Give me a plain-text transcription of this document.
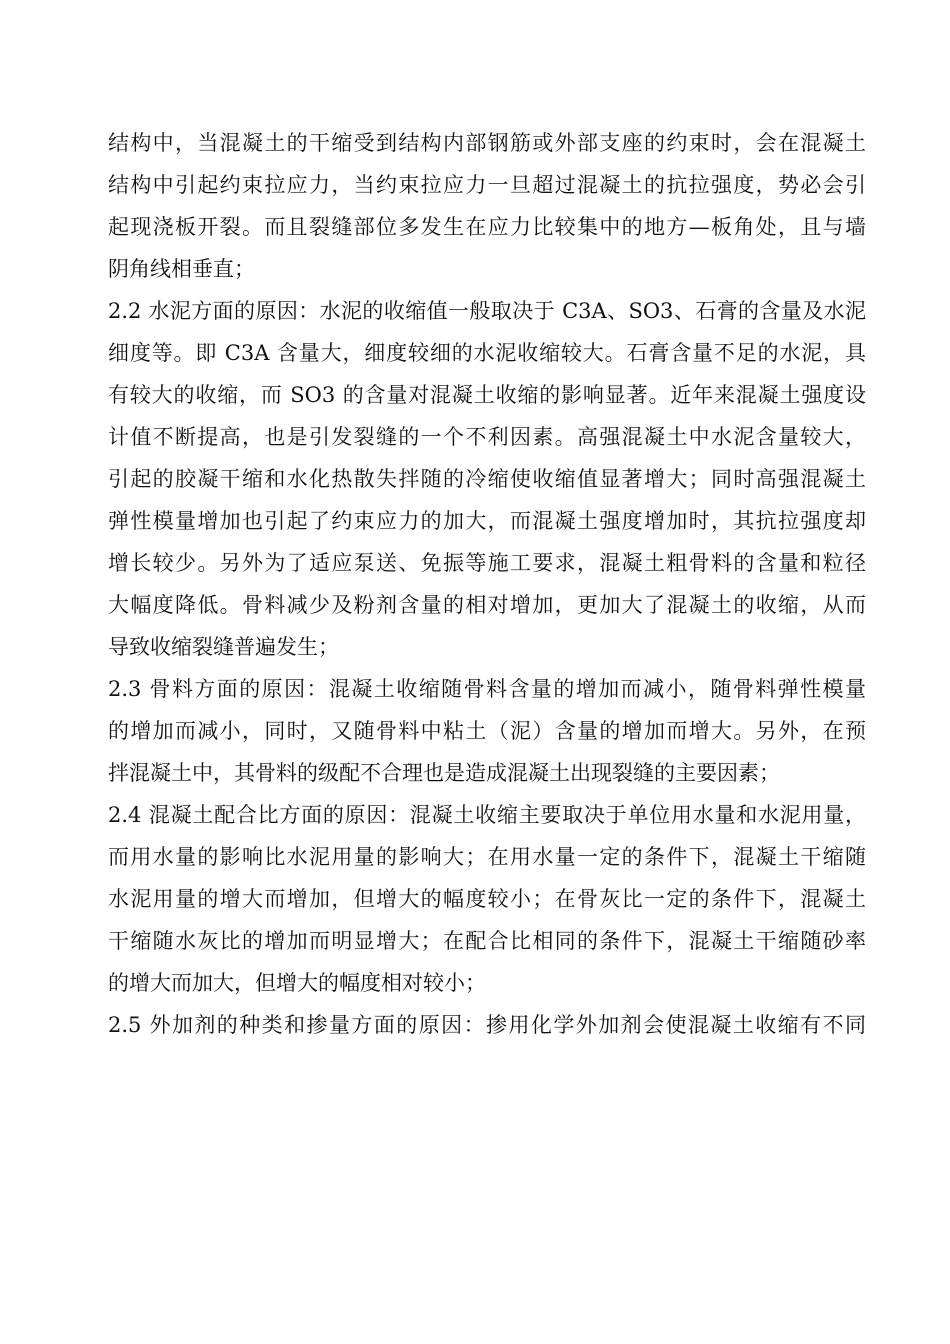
结构中，当混凝土的干缩受到结构内部钢筋或外部支座的约束时，会在混凝土
结构中引起约束拉应力，当约束拉应力一旦超过混凝土的抗拉强度，势必会引
起现浇板开裂。而且裂缝部位多发生在应力比较集中的地方—板角处，且与墙
阴角线相垂直；

2.2 水泥方面的原因：水泥的收缩值一般取决于 C3A、SO3、石膏的含量及水泥
细度等。即 C3A 含量大，细度较细的水泥收缩较大。石膏含量不足的水泥，具
有较大的收缩，而 SO3 的含量对混凝土收缩的影响显著。近年来混凝土强度设
计值不断提高，也是引发裂缝的一个不利因素。高强混凝土中水泥含量较大，
引起的胶凝干缩和水化热散失拌随的冷缩使收缩值显著增大；同时高强混凝土
弹性模量增加也引起了约束应力的加大，而混凝土强度增加时，其抗拉强度却
增长较少。另外为了适应泵送、免振等施工要求，混凝土粗骨料的含量和粒径
大幅度降低。骨料减少及粉剂含量的相对增加，更加大了混凝土的收缩，从而
导致收缩裂缝普遍发生；

2.3 骨料方面的原因：混凝土收缩随骨料含量的增加而减小，随骨料弹性模量
的增加而减小，同时，又随骨料中粘土（泥）含量的增加而增大。另外，在预
拌混凝土中，其骨料的级配不合理也是造成混凝土出现裂缝的主要因素；

2.4 混凝土配合比方面的原因：混凝土收缩主要取决于单位用水量和水泥用量，
而用水量的影响比水泥用量的影响大；在用水量一定的条件下，混凝土干缩随
水泥用量的增大而增加，但增大的幅度较小；在骨灰比一定的条件下，混凝土
干缩随水灰比的增加而明显增大；在配合比相同的条件下，混凝土干缩随砂率
的增大而加大，但增大的幅度相对较小；

2.5 外加剂的种类和掺量方面的原因：掺用化学外加剂会使混凝土收缩有不同
